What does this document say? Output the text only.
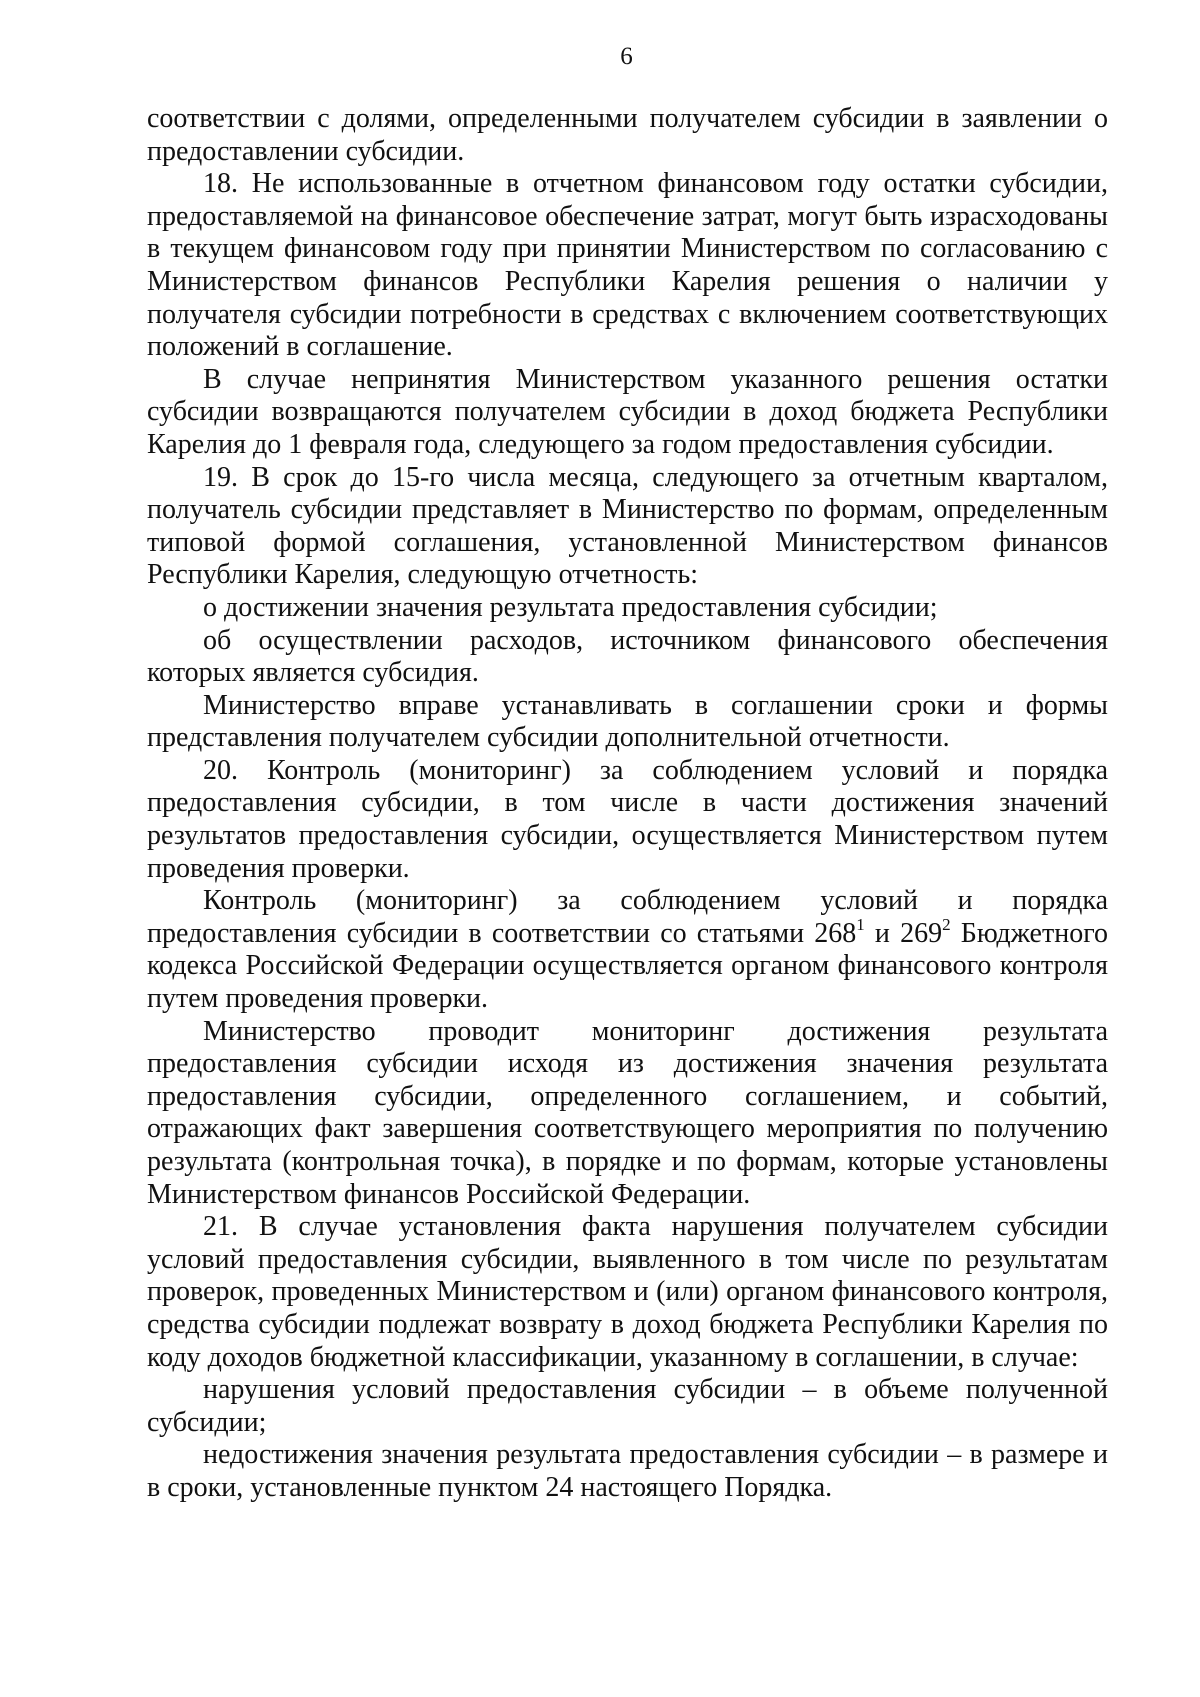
6

соответствии с долями, определенными получателем субсидии в заявлении о предоставлении субсидии.

18. Не использованные в отчетном финансовом году остатки субсидии, предоставляемой на финансовое обеспечение затрат, могут быть израсходованы в текущем финансовом году при принятии Министерством по согласованию с Министерством финансов Республики Карелия решения о наличии у получателя субсидии потребности в средствах с включением соответствующих положений в соглашение.

В случае непринятия Министерством указанного решения остатки субсидии возвращаются получателем субсидии в доход бюджета Республики Карелия до 1 февраля года, следующего за годом предоставления субсидии.

19. В срок до 15-го числа месяца, следующего за отчетным кварталом, получатель субсидии представляет в Министерство по формам, определенным типовой формой соглашения, установленной Министерством финансов Республики Карелия, следующую отчетность:

о достижении значения результата предоставления субсидии;

об осуществлении расходов, источником финансового обеспечения которых является субсидия.

Министерство вправе устанавливать в соглашении сроки и формы представления получателем субсидии дополнительной отчетности.

20. Контроль (мониторинг) за соблюдением условий и порядка предоставления субсидии, в том числе в части достижения значений результатов предоставления субсидии, осуществляется Министерством путем проведения проверки.

Контроль (мониторинг) за соблюдением условий и порядка предоставления субсидии в соответствии со статьями $268^1$ и $269^2$ Бюджетного кодекса Российской Федерации осуществляется органом финансового контроля путем проведения проверки.

Министерство проводит мониторинг достижения результата предоставления субсидии исходя из достижения значения результата предоставления субсидии, определенного соглашением, и событий, отражающих факт завершения соответствующего мероприятия по получению результата (контрольная точка), в порядке и по формам, которые установлены Министерством финансов Российской Федерации.

21. В случае установления факта нарушения получателем субсидии условий предоставления субсидии, выявленного в том числе по результатам проверок, проведенных Министерством и (или) органом финансового контроля, средства субсидии подлежат возврату в доход бюджета Республики Карелия по коду доходов бюджетной классификации, указанному в соглашении, в случае:

нарушения условий предоставления субсидии – в объеме полученной субсидии;

недостижения значения результата предоставления субсидии – в размере и в сроки, установленные пунктом 24 настоящего Порядка.
